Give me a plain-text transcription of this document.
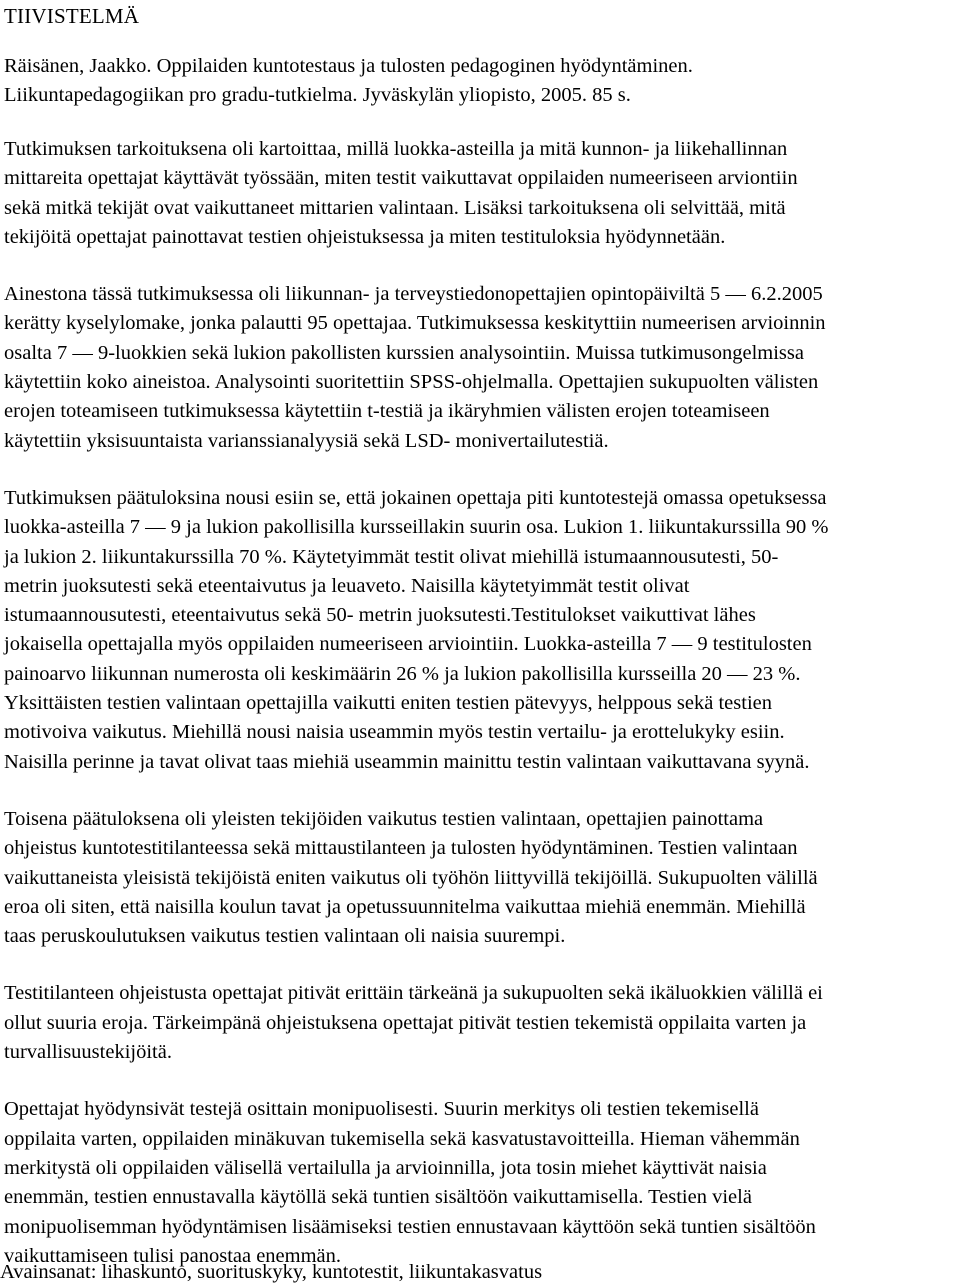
TIIVISTELMÄ
Räisänen, Jaakko. Oppilaiden kuntotestaus ja tulosten pedagoginen hyödyntäminen.
Liikuntapedagogiikan pro gradu-tutkielma. Jyväskylän yliopisto, 2005. 85 s.
Tutkimuksen tarkoituksena oli kartoittaa, millä luokka-asteilla ja mitä kunnon- ja liikehallinnan
mittareita opettajat käyttävät työssään, miten testit vaikuttavat oppilaiden numeeriseen arviontiin
sekä mitkä tekijät ovat vaikuttaneet mittarien valintaan. Lisäksi tarkoituksena oli selvittää, mitä
tekijöitä opettajat painottavat testien ohjeistuksessa ja miten testituloksia hyödynnetään.
Ainestona tässä tutkimuksessa oli liikunnan- ja terveystiedonopettajien opintopäiviltä 5 — 6.2.2005
kerätty kyselylomake, jonka palautti 95 opettajaa. Tutkimuksessa keskityttiin numeerisen arvioinnin
osalta 7 — 9-luokkien sekä lukion pakollisten kurssien analysointiin. Muissa tutkimusongelmissa
käytettiin koko aineistoa. Analysointi suoritettiin SPSS-ohjelmalla. Opettajien sukupuolten välisten
erojen toteamiseen tutkimuksessa käytettiin t-testiä ja ikäryhmien välisten erojen toteamiseen
käytettiin yksisuuntaista varianssianalyysiä sekä LSD- monivertailutestiä.
Tutkimuksen päätuloksina nousi esiin se, että jokainen opettaja piti kuntotestejä omassa opetuksessa
luokka-asteilla 7 — 9 ja lukion pakollisilla kursseillakin suurin osa. Lukion 1. liikuntakurssilla 90 %
ja lukion 2. liikuntakurssilla 70 %. Käytetyimmät testit olivat miehillä istumaannousutesti, 50-
metrin juoksutesti sekä eteentaivutus ja leuaveto. Naisilla käytetyimmät testit olivat
istumaannousutesti, eteentaivutus sekä 50- metrin juoksutesti.Testitulokset vaikuttivat lähes
jokaisella opettajalla myös oppilaiden numeeriseen arviointiin. Luokka-asteilla 7 — 9 testitulosten
painoarvo liikunnan numerosta oli keskimäärin 26 % ja lukion pakollisilla kursseilla 20 — 23 %.
Yksittäisten testien valintaan opettajilla vaikutti eniten testien pätevyys, helppous sekä testien
motivoiva vaikutus. Miehillä nousi naisia useammin myös testin vertailu- ja erottelukyky esiin.
Naisilla perinne ja tavat olivat taas miehiä useammin mainittu testin valintaan vaikuttavana syynä.
Toisena päätuloksena oli yleisten tekijöiden vaikutus testien valintaan, opettajien painottama
ohjeistus kuntotestitilanteessa sekä mittaustilanteen ja tulosten hyödyntäminen. Testien valintaan
vaikuttaneista yleisistä tekijöistä eniten vaikutus oli työhön liittyvillä tekijöillä. Sukupuolten välillä
eroa oli siten, että naisilla koulun tavat ja opetussuunnitelma vaikuttaa miehiä enemmän. Miehillä
taas peruskoulutuksen vaikutus testien valintaan oli naisia suurempi.
Testitilanteen ohjeistusta opettajat pitivät erittäin tärkeänä ja sukupuolten sekä ikäluokkien välillä ei
ollut suuria eroja. Tärkeimpänä ohjeistuksena opettajat pitivät testien tekemistä oppilaita varten ja
turvallisuustekijöitä.
Opettajat hyödynsivät testejä osittain monipuolisesti. Suurin merkitys oli testien tekemisellä
oppilaita varten, oppilaiden minäkuvan tukemisella sekä kasvatustavoitteilla. Hieman vähemmän
merkitystä oli oppilaiden välisellä vertailulla ja arvioinnilla, jota tosin miehet käyttivät naisia
enemmän, testien ennustavalla käytöllä sekä tuntien sisältöön vaikuttamisella. Testien vielä
monipuolisemman hyödyntämisen lisäämiseksi testien ennustavaan käyttöön sekä tuntien sisältöön
vaikuttamiseen tulisi panostaa enemmän.
Avainsanat: lihaskunto, suorituskyky, kuntotestit, liikuntakasvatus
